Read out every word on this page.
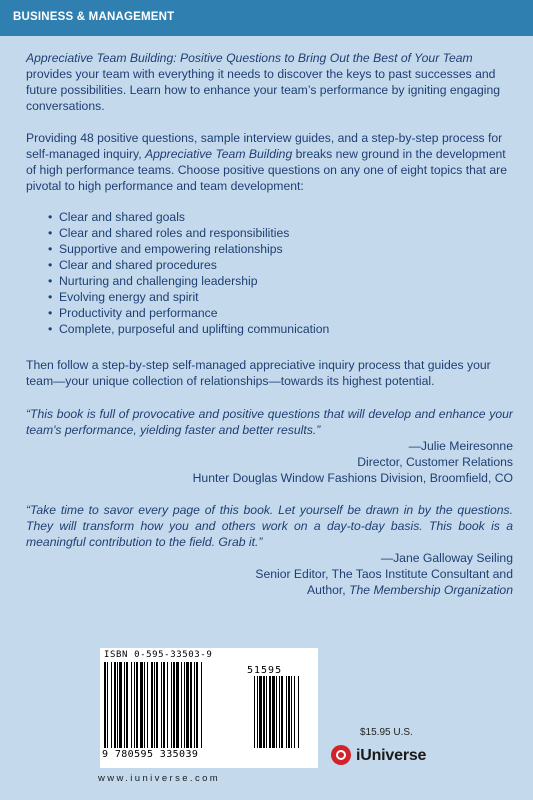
BUSINESS & MANAGEMENT

Appreciative Team Building: Positive Questions to Bring Out the Best of Your Team provides your team with everything it needs to discover the keys to past successes and future possibilities. Learn how to enhance your team’s performance by igniting engaging conversations.

Providing 48 positive questions, sample interview guides, and a step-by-step process for self-managed inquiry, Appreciative Team Building breaks new ground in the development of high performance teams. Choose positive questions on any one of eight topics that are pivotal to high performance and team development:

• Clear and shared goals
• Clear and shared roles and responsibilities
• Supportive and empowering relationships
• Clear and shared procedures
• Nurturing and challenging leadership
• Evolving energy and spirit
• Productivity and performance
• Complete, purposeful and uplifting communication

Then follow a step-by-step self-managed appreciative inquiry process that guides your team—your unique collection of relationships—towards its highest potential.

“This book is full of provocative and positive questions that will develop and enhance your team's performance, yielding faster and better results.”

—Julie Meiresonne

Director, Customer Relations

Hunter Douglas Window Fashions Division, Broomfield, CO

“Take time to savor every page of this book. Let yourself be drawn in by the questions. They will transform how you and others work on a day-to-day basis. This book is a meaningful contribution to the field. Grab it.”

—Jane Galloway Seiling

Senior Editor, The Taos Institute Consultant and

Author, The Membership Organization

ISBN 0-595-33503-9
51595
9 780595 335039
$15.95 U.S.
iUniverse
www.iuniverse.com
